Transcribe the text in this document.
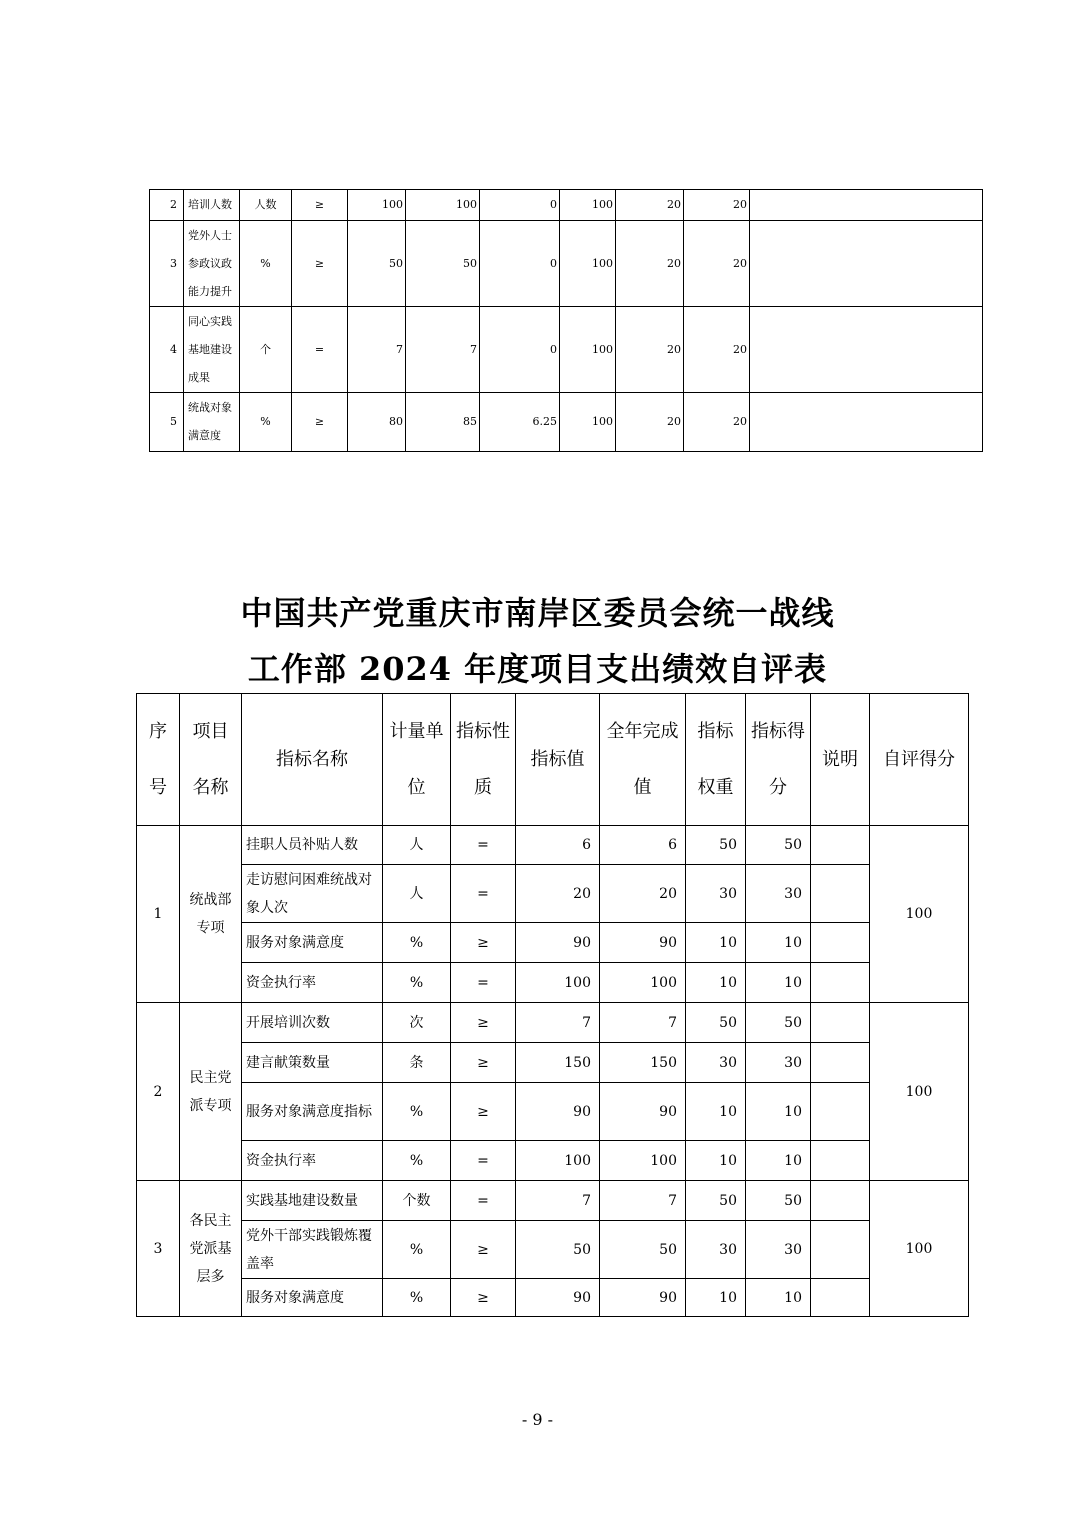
2	培训人数	人数	≥	100	100	0	100	20	20	
3	党外人士参政议政能力提升	%	≥	50	50	0	100	20	20	
4	同心实践基地建设成果	个	=	7	7	0	100	20	20	
5	统战对象满意度	%	≥	80	85	6.25	100	20	20	
中国共产党重庆市南岸区委员会统一战线
工作部 2024 年度项目支出绩效自评表
序号	项目名称	指标名称	计量单位	指标性质	指标值	全年完成值	指标权重	指标得分	说明	自评得分
1	统战部专项	挂职人员补贴人数	人	=	6	6	50	50		100
		走访慰问困难统战对象人次	人	=	20	20	30	30		
		服务对象满意度	%	≥	90	90	10	10		
		资金执行率	%	=	100	100	10	10		
2	民主党派专项	开展培训次数	次	≥	7	7	50	50		100
		建言献策数量	条	≥	150	150	30	30		
		服务对象满意度指标	%	≥	90	90	10	10		
		资金执行率	%	=	100	100	10	10		
3	各民主党派基层多	实践基地建设数量	个数	=	7	7	50	50		100
		党外干部实践锻炼覆盖率	%	≥	50	50	30	30		
		服务对象满意度	%	≥	90	90	10	10		
- 9 -
